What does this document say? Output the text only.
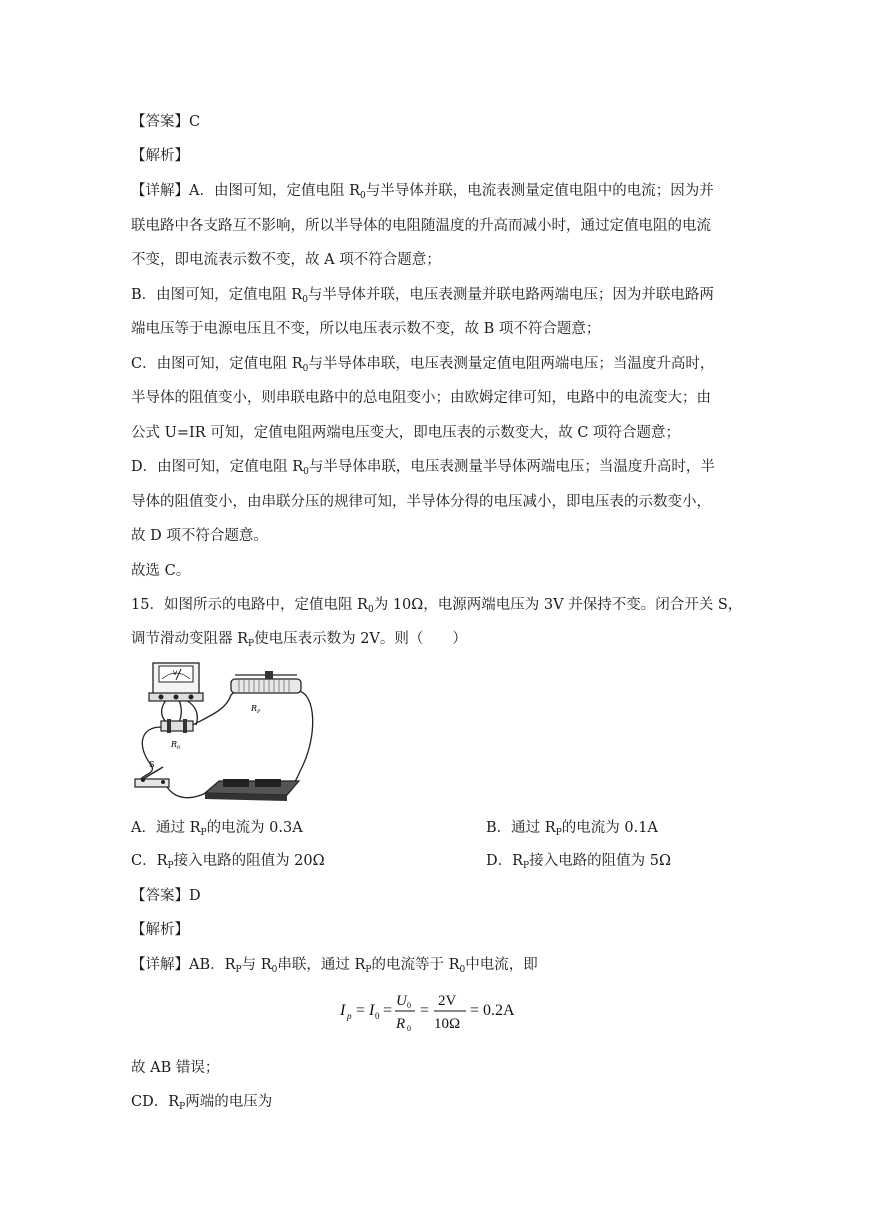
【答案】C
【解析】
【详解】A．由图可知，定值电阻 $R_0$与半导体并联，电流表测量定值电阻中的电流；因为并
联电路中各支路互不影响，所以半导体的电阻随温度的升高而减小时，通过定值电阻的电流
不变，即电流表示数不变，故 A 项不符合题意；
B．由图可知，定值电阻 $R_0$与半导体并联，电压表测量并联电路两端电压；因为并联电路两
端电压等于电源电压且不变，所以电压表示数不变，故 B 项不符合题意；
C．由图可知，定值电阻 $R_0$与半导体串联，电压表测量定值电阻两端电压；当温度升高时，
半导体的阻值变小，则串联电路中的总电阻变小；由欧姆定律可知，电路中的电流变大；由
公式 U=IR 可知，定值电阻两端电压变大，即电压表的示数变大，故 C 项符合题意；
D．由图可知，定值电阻 $R_0$与半导体串联，电压表测量半导体两端电压；当温度升高时，半
导体的阻值变小，由串联分压的规律可知，半导体分得的电压减小，即电压表的示数变小，
故 D 项不符合题意。
故选 C。
15．如图所示的电路中，定值电阻 $R_0$为 10Ω，电源两端电压为 3V 并保持不变。闭合开关 S，
调节滑动变阻器 $R_P$使电压表示数为 2V。则（　　）
V
$R_P$
$R_0$
S
A．通过 $R_P$的电流为 0.3A	B．通过 $R_P$的电流为 0.1A
C．$R_P$接入电路的阻值为 20Ω	D．$R_P$接入电路的阻值为 5Ω
【答案】D
【解析】
【详解】AB．$R_P$与 $R_0$串联，通过 $R_P$的电流等于 $R_0$中电流，即
I p = I 0 =
U 0
R 0
=
2V
10Ω
= 0.2A
故 AB 错误；
CD．$R_P$两端的电压为
